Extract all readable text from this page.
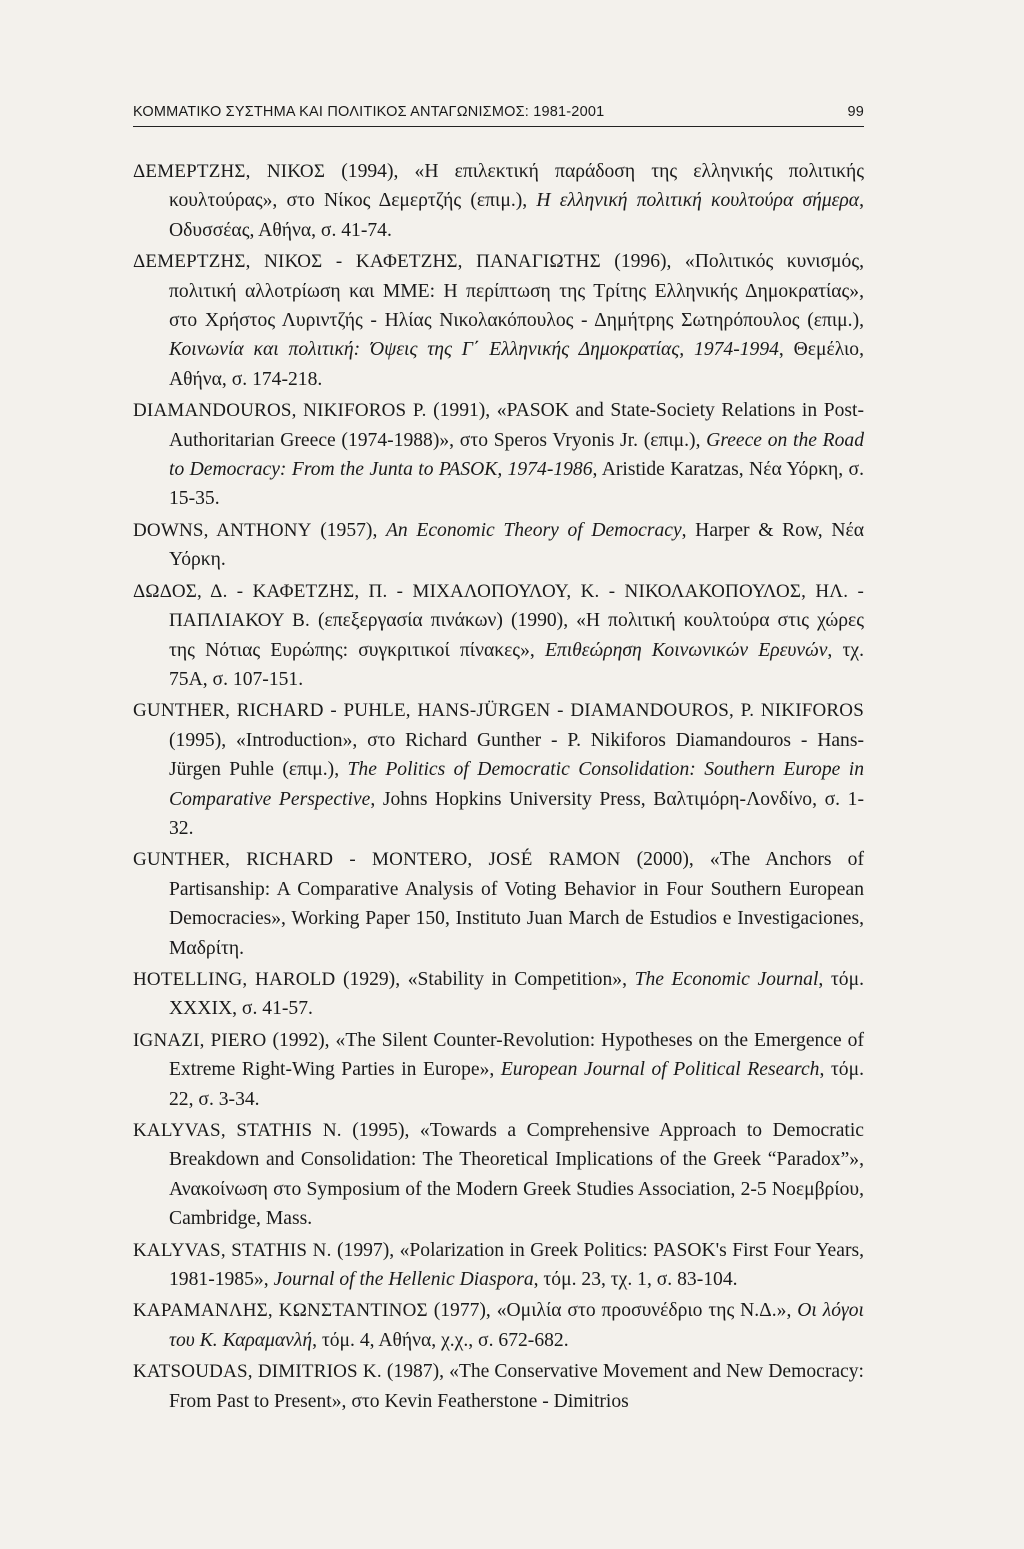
ΚΟΜΜΑΤΙΚΟ ΣΥΣΤΗΜΑ ΚΑΙ ΠΟΛΙΤΙΚΟΣ ΑΝΤΑΓΩΝΙΣΜΟΣ: 1981-2001	99

ΔΕΜΕΡΤΖΗΣ, ΝΙΚΟΣ (1994), «Η επιλεκτική παράδοση της ελληνικής πολιτικής κουλτούρας», στο Νίκος Δεμερτζής (επιμ.), Η ελληνική πολιτική κουλτούρα σήμερα, Οδυσσέας, Αθήνα, σ. 41-74.

ΔΕΜΕΡΤΖΗΣ, ΝΙΚΟΣ - ΚΑΦΕΤΖΗΣ, ΠΑΝΑΓΙΩΤΗΣ (1996), «Πολιτικός κυνισμός, πολιτική αλλοτρίωση και ΜΜΕ: Η περίπτωση της Τρίτης Ελληνικής Δημοκρατίας», στο Χρήστος Λυριντζής - Ηλίας Νικολακόπουλος - Δημήτρης Σωτηρόπουλος (επιμ.), Κοινωνία και πολιτική: Όψεις της Γ΄ Ελληνικής Δημοκρατίας, 1974-1994, Θεμέλιο, Αθήνα, σ. 174-218.

DIAMANDOUROS, NIKIFOROS P. (1991), «PASOK and State-Society Relations in Post-Authoritarian Greece (1974-1988)», στο Speros Vryonis Jr. (επιμ.), Greece on the Road to Democracy: From the Junta to PASOK, 1974-1986, Aristide Karatzas, Νέα Υόρκη, σ. 15-35.

DOWNS, ANTHONY (1957), An Economic Theory of Democracy, Harper & Row, Νέα Υόρκη.

ΔΩΔΟΣ, Δ. - ΚΑΦΕΤΖΗΣ, Π. - ΜΙΧΑΛΟΠΟΥΛΟΥ, Κ. - ΝΙΚΟΛΑΚΟΠΟΥΛΟΣ, ΗΛ. - ΠΑΠΛΙΑΚΟΥ Β. (επεξεργασία πινάκων) (1990), «Η πολιτική κουλτούρα στις χώρες της Νότιας Ευρώπης: συγκριτικοί πίνακες», Επιθεώρηση Κοινωνικών Ερευνών, τχ. 75Α, σ. 107-151.

GUNTHER, RICHARD - PUHLE, HANS-JÜRGEN - DIAMANDOUROS, P. NIKIFOROS (1995), «Introduction», στο Richard Gunther - P. Nikiforos Diamandouros - Hans-Jürgen Puhle (επιμ.), The Politics of Democratic Consolidation: Southern Europe in Comparative Perspective, Johns Hopkins University Press, Βαλτιμόρη-Λονδίνο, σ. 1-32.

GUNTHER, RICHARD - MONTERO, JOSÉ RAMON (2000), «The Anchors of Partisanship: A Comparative Analysis of Voting Behavior in Four Southern European Democracies», Working Paper 150, Instituto Juan March de Estudios e Investigaciones, Μαδρίτη.

HOTELLING, HAROLD (1929), «Stability in Competition», The Economic Journal, τόμ. XXXIX, σ. 41-57.

IGNAZI, PIERO (1992), «The Silent Counter-Revolution: Hypotheses on the Emergence of Extreme Right-Wing Parties in Europe», European Journal of Political Research, τόμ. 22, σ. 3-34.

KALYVAS, STATHIS N. (1995), «Towards a Comprehensive Approach to Democratic Breakdown and Consolidation: The Theoretical Implications of the Greek “Paradox”», Ανακοίνωση στο Symposium of the Modern Greek Studies Association, 2-5 Νοεμβρίου, Cambridge, Mass.

KALYVAS, STATHIS N. (1997), «Polarization in Greek Politics: PASOK's First Four Years, 1981-1985», Journal of the Hellenic Diaspora, τόμ. 23, τχ. 1, σ. 83-104.

ΚΑΡΑΜΑΝΛΗΣ, ΚΩΝΣΤΑΝΤΙΝΟΣ (1977), «Ομιλία στο προσυνέδριο της Ν.Δ.», Οι λόγοι του Κ. Καραμανλή, τόμ. 4, Αθήνα, χ.χ., σ. 672-682.

KATSOUDAS, DIMITRIOS K. (1987), «The Conservative Movement and New Democracy: From Past to Present», στο Kevin Featherstone - Dimitrios
